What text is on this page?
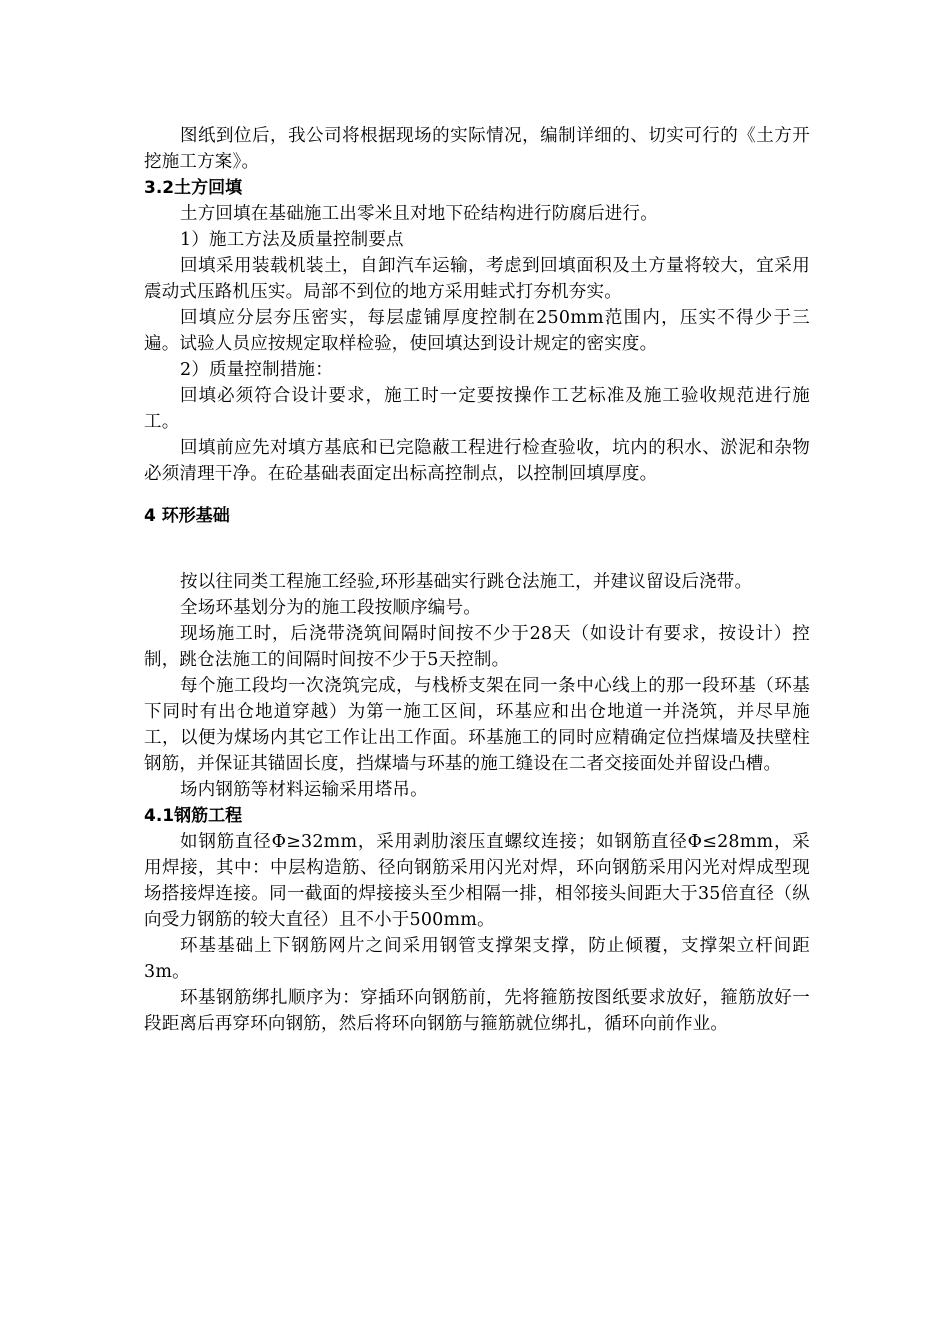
图纸到位后，我公司将根据现场的实际情况，编制详细的、切实可行的《土方开挖施工方案》。

3.2土方回填

土方回填在基础施工出零米且对地下砼结构进行防腐后进行。

1）施工方法及质量控制要点

回填采用装载机装土，自卸汽车运输，考虑到回填面积及土方量将较大，宜采用震动式压路机压实。局部不到位的地方采用蛙式打夯机夯实。

回填应分层夯压密实，每层虚铺厚度控制在250mm范围内，压实不得少于三遍。试验人员应按规定取样检验，使回填达到设计规定的密实度。

2）质量控制措施：

回填必须符合设计要求，施工时一定要按操作工艺标准及施工验收规范进行施工。

回填前应先对填方基底和已完隐蔽工程进行检查验收，坑内的积水、淤泥和杂物必须清理干净。在砼基础表面定出标高控制点，以控制回填厚度。

4 环形基础

按以往同类工程施工经验,环形基础实行跳仓法施工，并建议留设后浇带。

全场环基划分为的施工段按顺序编号。

现场施工时，后浇带浇筑间隔时间按不少于28天（如设计有要求，按设计）控制，跳仓法施工的间隔时间按不少于5天控制。

每个施工段均一次浇筑完成，与栈桥支架在同一条中心线上的那一段环基（环基下同时有出仓地道穿越）为第一施工区间，环基应和出仓地道一并浇筑，并尽早施工，以便为煤场内其它工作让出工作面。环基施工的同时应精确定位挡煤墙及扶壁柱钢筋，并保证其锚固长度，挡煤墙与环基的施工缝设在二者交接面处并留设凸槽。

场内钢筋等材料运输采用塔吊。

4.1钢筋工程

如钢筋直径Φ≥32mm，采用剥肋滚压直螺纹连接；如钢筋直径Φ≤28mm，采用焊接，其中：中层构造筋、径向钢筋采用闪光对焊，环向钢筋采用闪光对焊成型现场搭接焊连接。同一截面的焊接接头至少相隔一排，相邻接头间距大于35倍直径（纵向受力钢筋的较大直径）且不小于500mm。

环基基础上下钢筋网片之间采用钢管支撑架支撑，防止倾覆，支撑架立杆间距3m。

环基钢筋绑扎顺序为：穿插环向钢筋前，先将箍筋按图纸要求放好，箍筋放好一段距离后再穿环向钢筋，然后将环向钢筋与箍筋就位绑扎，循环向前作业。
